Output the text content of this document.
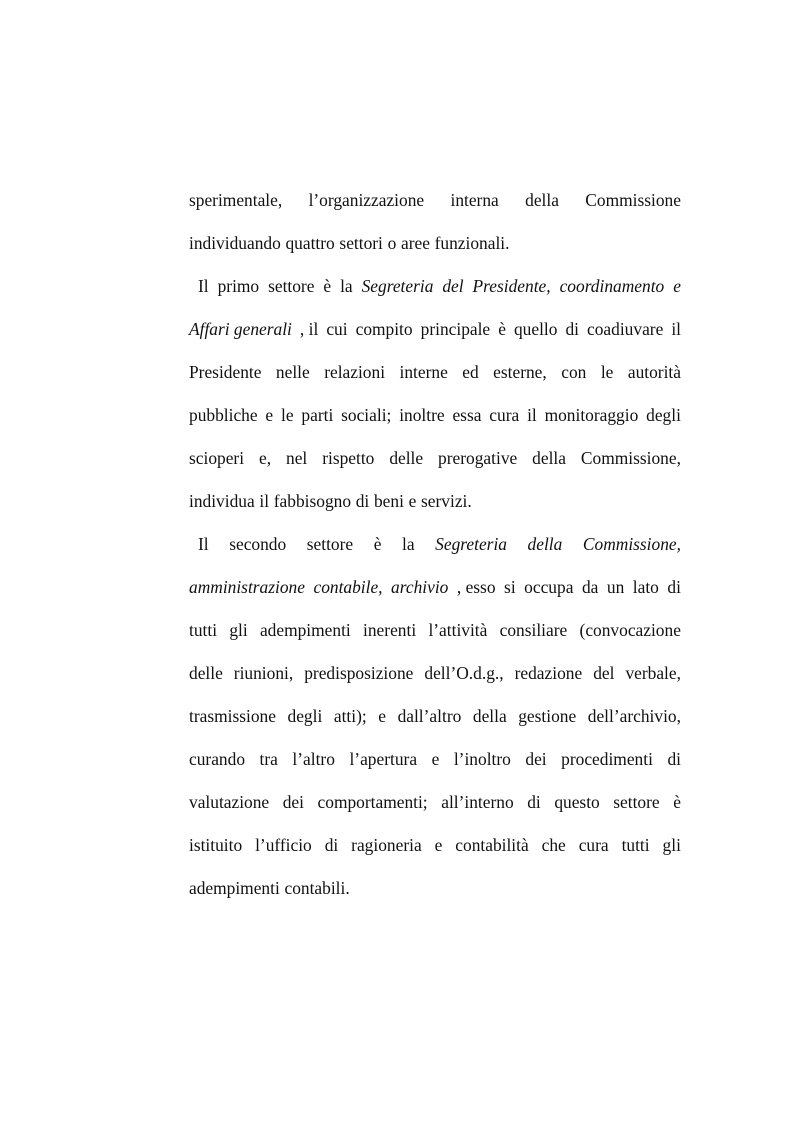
sperimentale, l’organizzazione interna della Commissione
individuando quattro settori o aree funzionali.
Il primo settore è la Segreteria del Presidente, coordinamento e
Affari generali , il cui compito principale è quello di coadiuvare il
Presidente nelle relazioni interne ed esterne, con le autorità
pubbliche e le parti sociali; inoltre essa cura il monitoraggio degli
scioperi e, nel rispetto delle prerogative della Commissione,
individua il fabbisogno di beni e servizi.
Il secondo settore è la Segreteria della Commissione,
amministrazione contabile, archivio , esso si occupa da un lato di
tutti gli adempimenti inerenti l’attività consiliare (convocazione
delle riunioni, predisposizione dell’O.d.g., redazione del verbale,
trasmissione degli atti); e dall’altro della gestione dell’archivio,
curando tra l’altro l’apertura e l’inoltro dei procedimenti di
valutazione dei comportamenti; all’interno di questo settore è
istituito l’ufficio di ragioneria e contabilità che cura tutti gli
adempimenti contabili.
